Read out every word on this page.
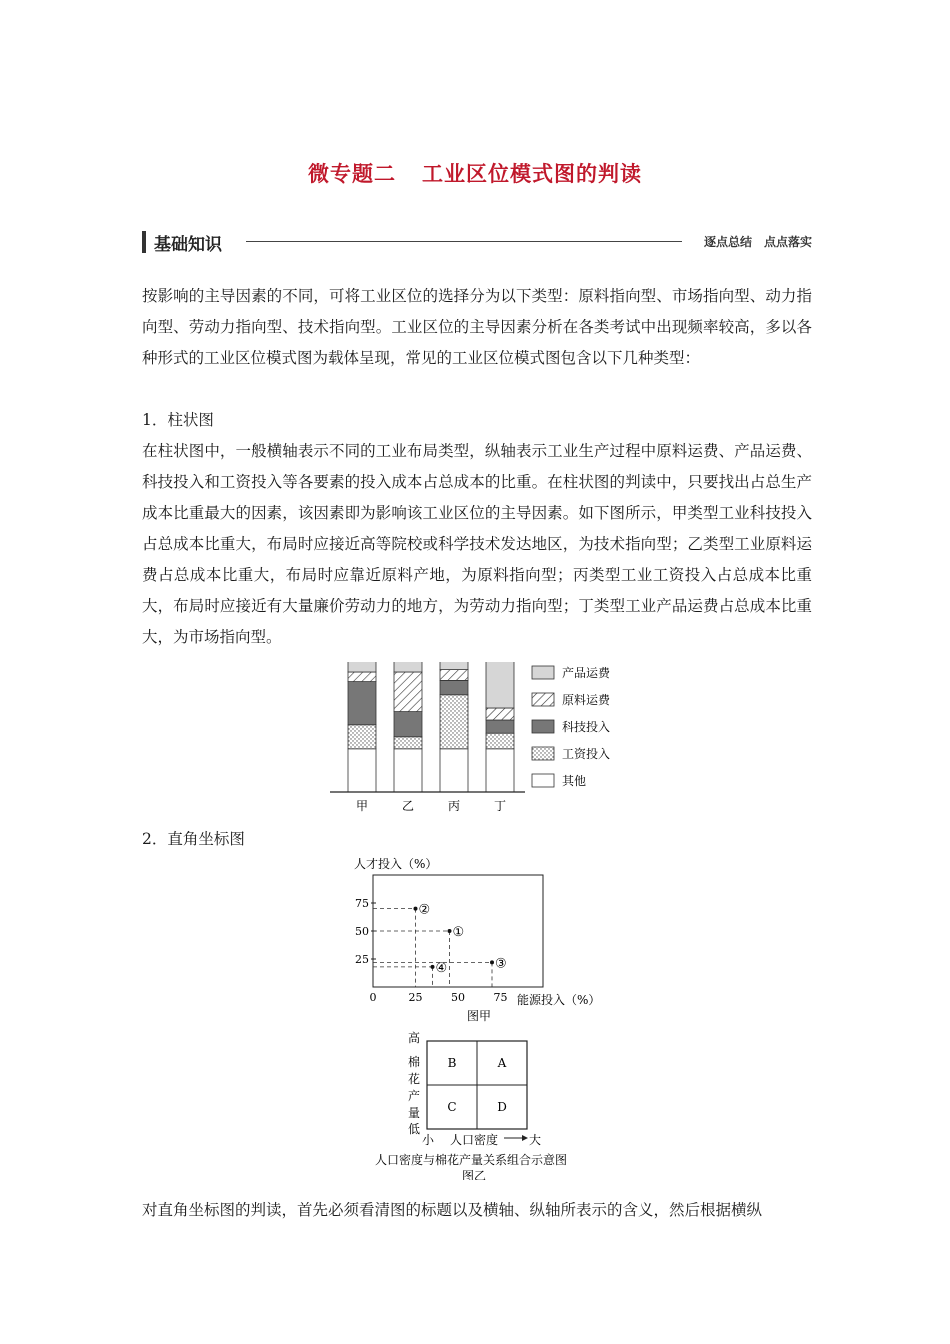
微专题二 工业区位模式图的判读
基础知识	逐点总结　点点落实
按影响的主导因素的不同，可将工业区位的选择分为以下类型：原料指向型、市场指向型、动力指向型、劳动力指向型、技术指向型。工业区位的主导因素分析在各类考试中出现频率较高，多以各种形式的工业区位模式图为载体呈现，常见的工业区位模式图包含以下几种类型：
1．柱状图
在柱状图中，一般横轴表示不同的工业布局类型，纵轴表示工业生产过程中原料运费、产品运费、科技投入和工资投入等各要素的投入成本占总成本的比重。在柱状图的判读中，只要找出占总生产成本比重最大的因素，该因素即为影响该工业区位的主导因素。如下图所示，甲类型工业科技投入占总成本比重大，布局时应接近高等院校或科学技术发达地区，为技术指向型；乙类型工业原料运费占总成本比重大，布局时应靠近原料产地，为原料指向型；丙类型工业工资投入占总成本比重大，布局时应接近有大量廉价劳动力的地方，为劳动力指向型；丁类型工业产品运费占总成本比重大，为市场指向型。
甲	乙	丙	丁
产品运费
原料运费
科技投入
工资投入
其他
2．直角坐标图
人才投入（%）
0	25	50	75
25
50
75
①
②
③
④
能源投入（%）
图甲
高
棉
花
产
量
低
B	A
C	D
小 人口密度	大
人口密度与棉花产量关系组合示意图
图乙
对直角坐标图的判读，首先必须看清图的标题以及横轴、纵轴所表示的含义，然后根据横纵
